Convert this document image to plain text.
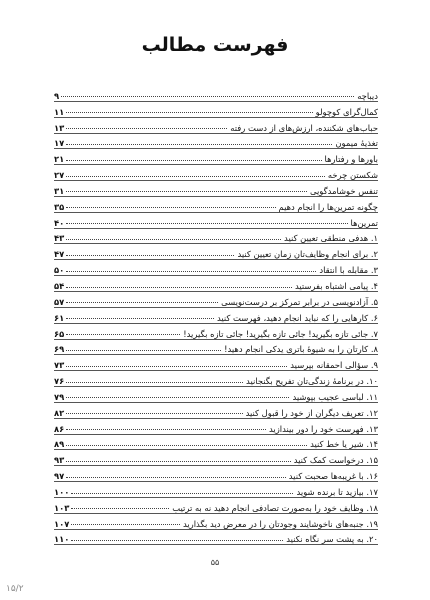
فهرست مطالب
دیباچه
۹
کمال‌گرای کوچولو
۱۱
حباب‌های شکننده، ارزش‌های از دست رفته
۱۳
تغذیهٔ میمون
۱۷
باورها و رفتارها
۲۱
شکستن چرخه
۲۷
تنفس خوشامدگویی
۳۱
چگونه تمرین‌ها را انجام دهیم
۳۵
تمرین‌ها
۴۰
۱. هدفی منطقی تعیین کنید
۴۳
۲. برای انجام وظایف‌تان زمان تعیین کنید
۴۷
۳. مقابله با انتقاد
۵۰
۴. پیامی اشتباه بفرستید
۵۴
۵. آزادنویسی در برابر تمرکز بر درست‌نویسی
۵۷
۶. کارهایی را که نباید انجام دهید، فهرست کنید
۶۱
۷. جائی تازه بگیرید! جائی تازه بگیرید! جائی تازه بگیرید!
۶۵
۸. کارتان را به شیوهٔ باتری یدکی انجام دهید!
۶۹
۹. سؤالی احمقانه بپرسید
۷۳
۱۰. در برنامهٔ زندگی‌تان تفریح بگنجانید
۷۶
۱۱. لباسی عجیب بپوشید
۷۹
۱۲. تعریف دیگران از خود را قبول کنید
۸۲
۱۳. فهرست خود را دور بیندازید
۸۶
۱۴. شیر یا خط کنید
۸۹
۱۵. درخواست کمک کنید
۹۳
۱۶. با غریبه‌ها صحبت کنید
۹۷
۱۷. بیازید تا برنده شوید
۱۰۰
۱۸. وظایف خود را به‌صورت تصادفی انجام دهید نه به ترتیب
۱۰۳
۱۹. جنبه‌های ناخوشایند وجودتان را در معرض دید بگذارید
۱۰۷
۲۰. به پشت سر نگاه نکنید
۱۱۰
۵۵
۱۵/۲
